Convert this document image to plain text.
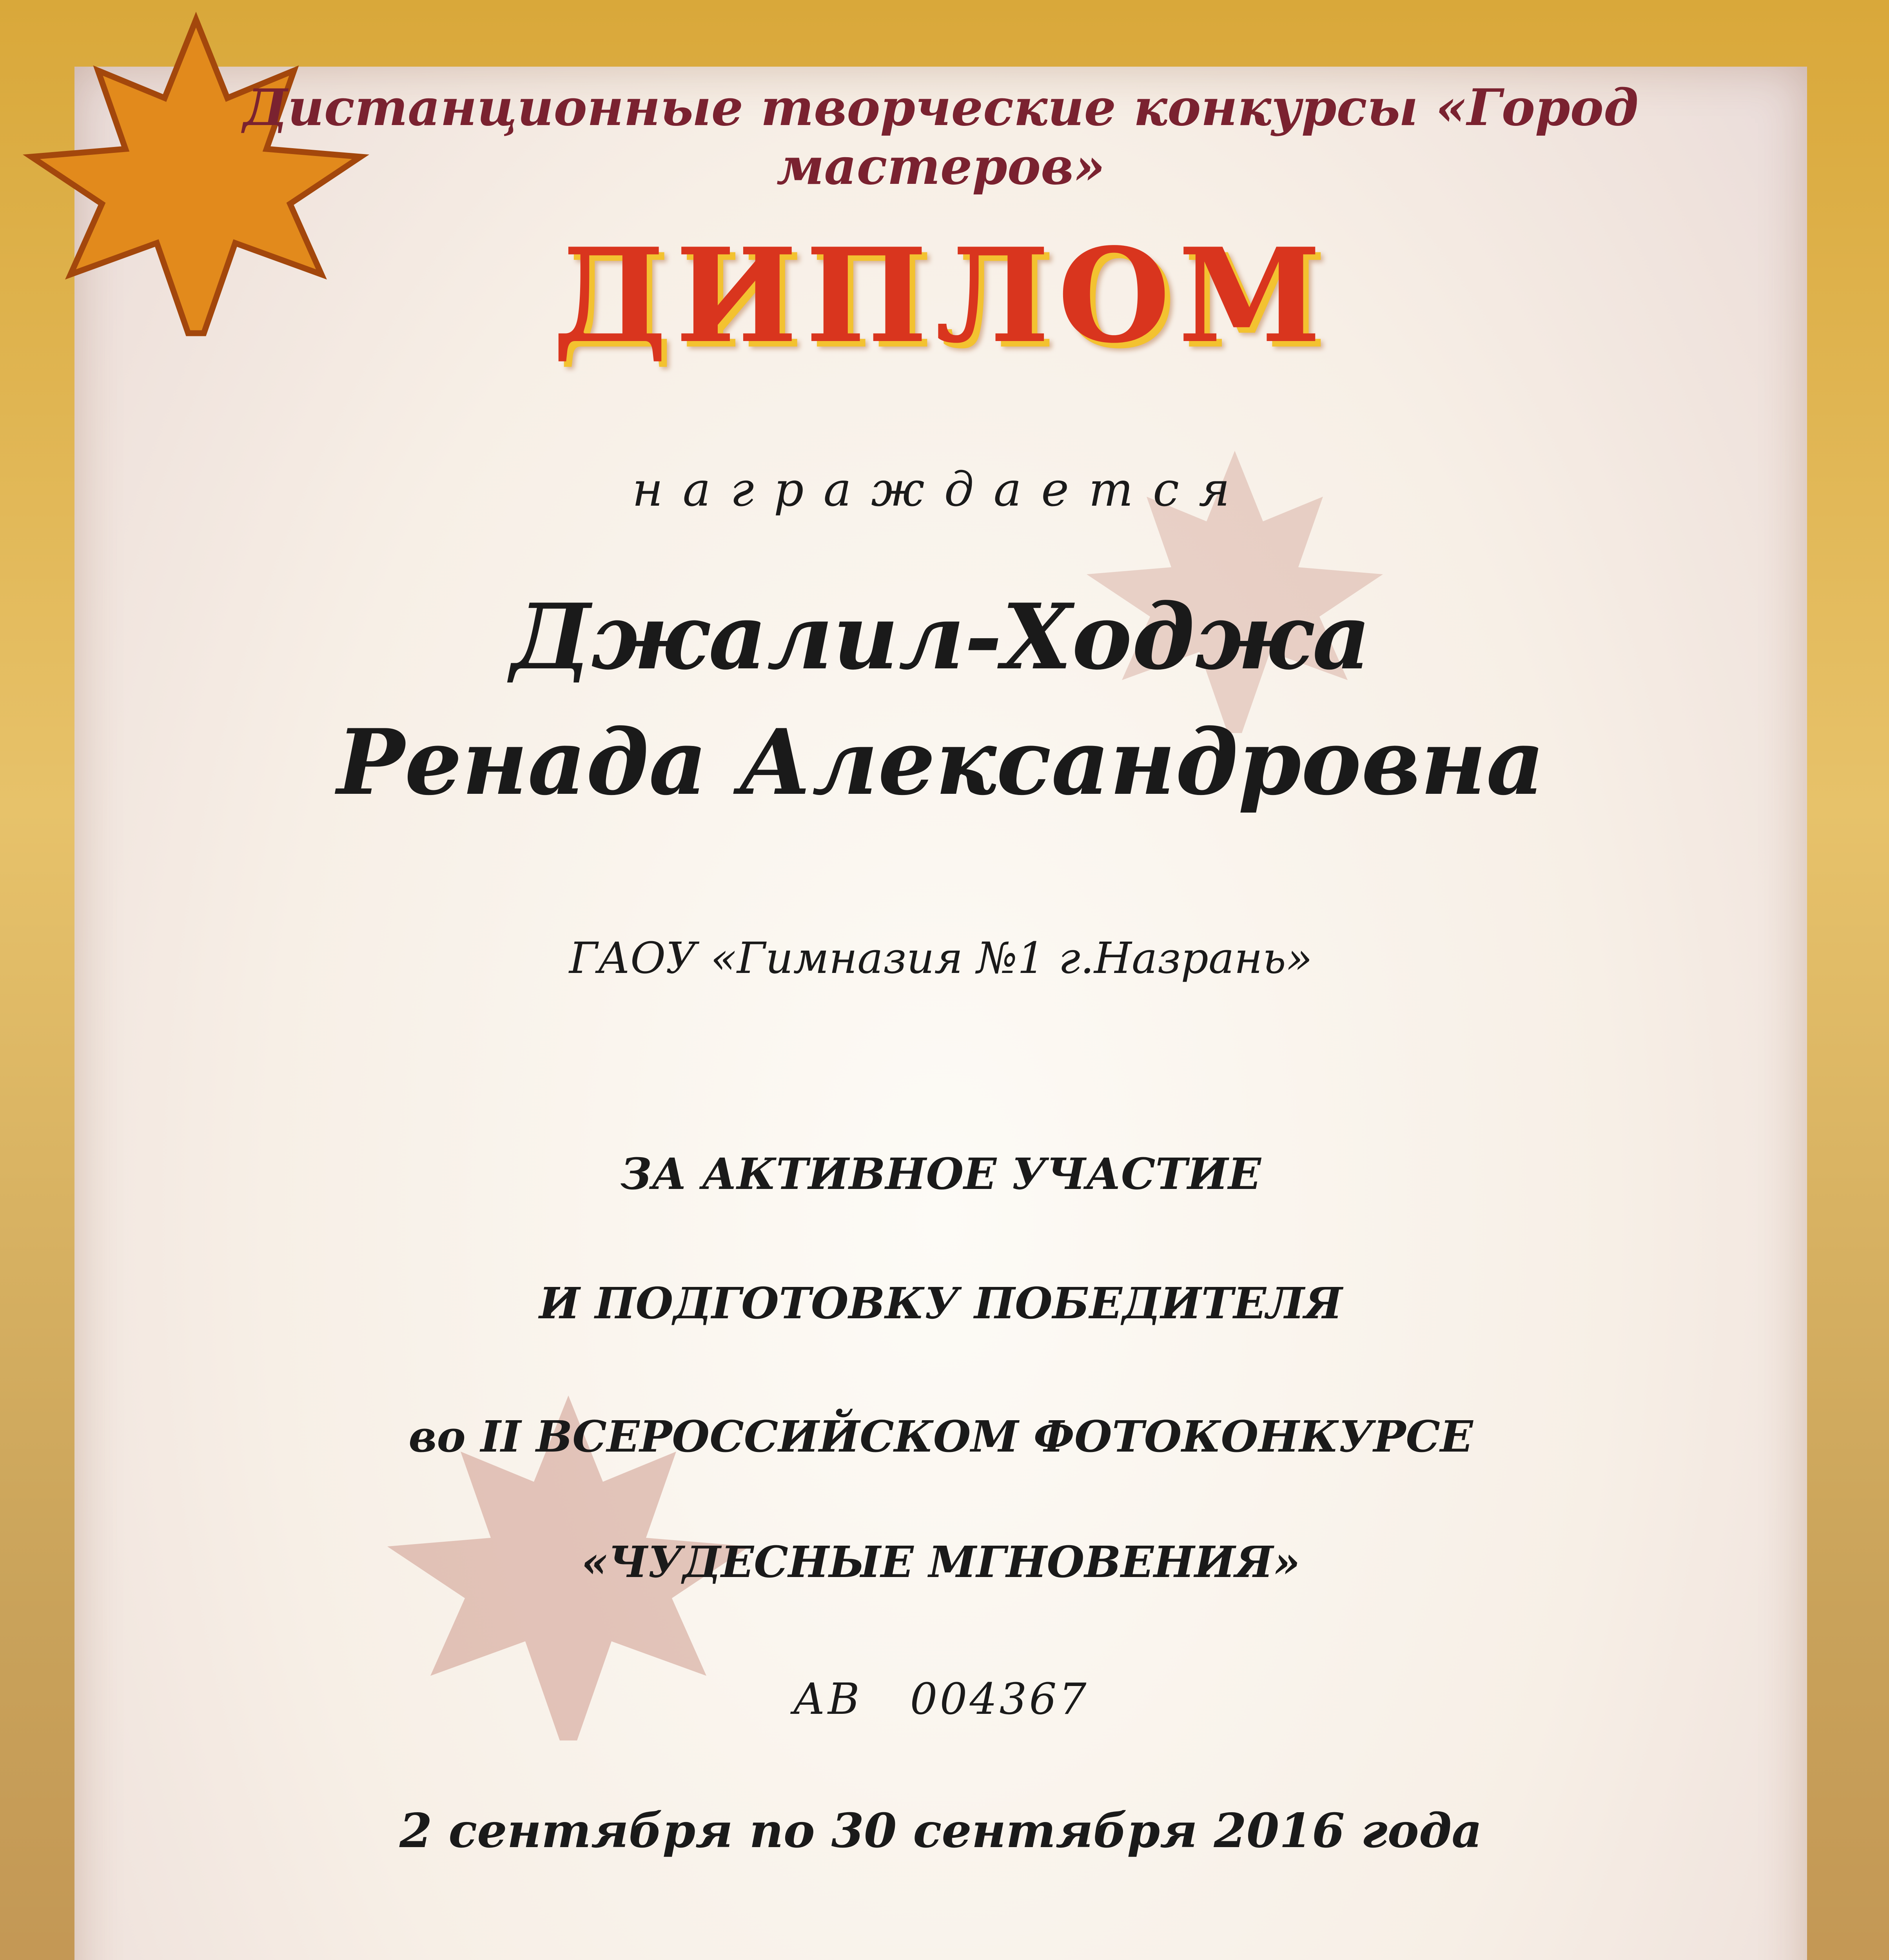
Дистанционные творческие конкурсы «Город мастеров»
ДИПЛОМ
награждается
Джалил-Ходжа
Ренада Александровна
ГАОУ «Гимназия №1 г.Назрань»
ЗА АКТИВНОЕ УЧАСТИЕ
И ПОДГОТОВКУ ПОБЕДИТЕЛЯ
во II ВСЕРОССИЙСКОМ ФОТОКОНКУРСЕ
«ЧУДЕСНЫЕ МГНОВЕНИЯ»
АВ   004367
2 сентября по 30 сентября 2016 года
